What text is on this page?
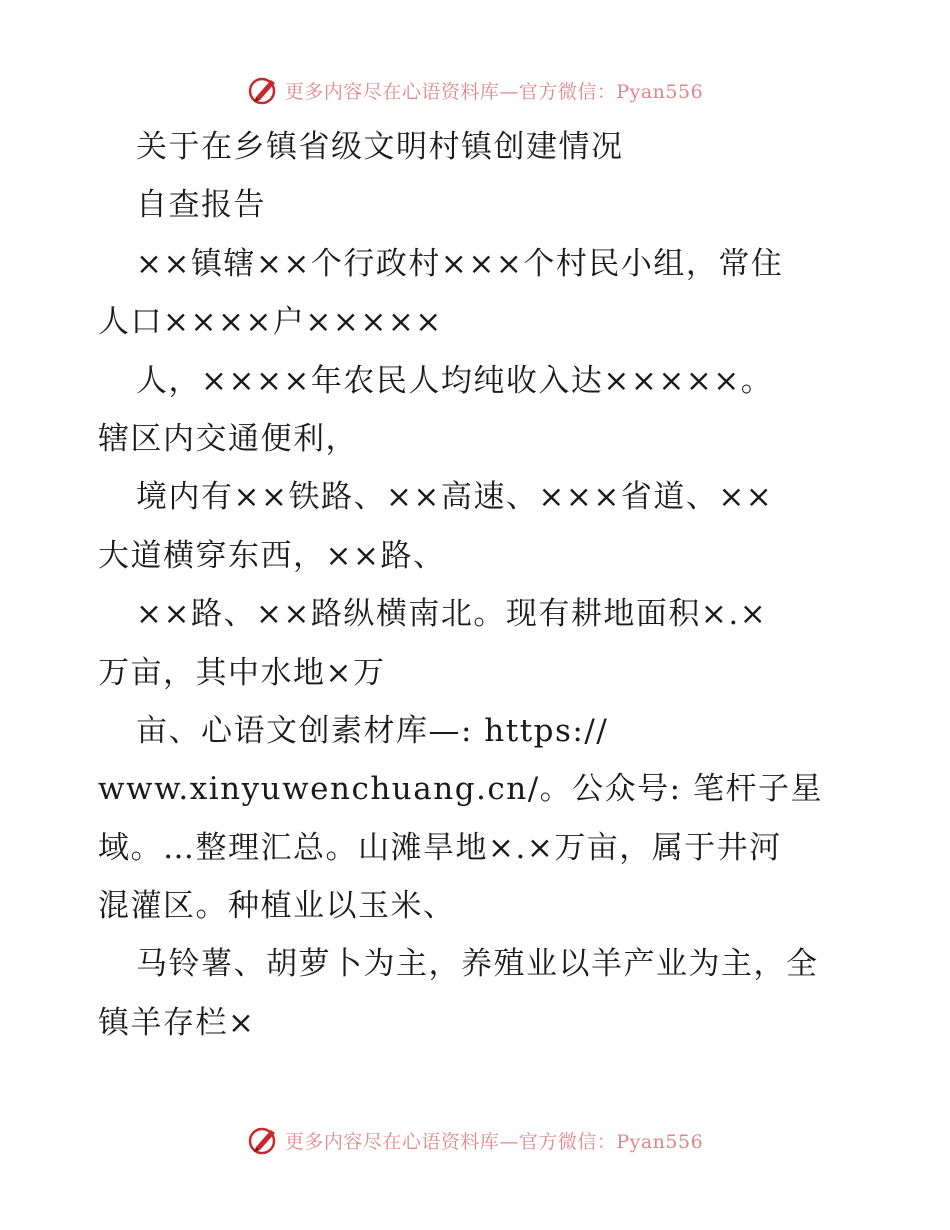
更多内容尽在心语资料库—官方微信：Pyan556
关于在乡镇省级文明村镇创建情况
自查报告
××镇辖××个行政村×××个村民小组，常住
人口××××户×××××
人，××××年农民人均纯收入达×××××。
辖区内交通便利，
境内有××铁路、××高速、×××省道、××
大道横穿东西，××路、
××路、××路纵横南北。现有耕地面积×.×
万亩，其中水地×万
亩、心语文创素材库—: https://
www.xinyuwenchuang.cn/。公众号: 笔杆子星
域。…整理汇总。山滩旱地×.×万亩，属于井河
混灌区。种植业以玉米、
马铃薯、胡萝卜为主，养殖业以羊产业为主，全
镇羊存栏×
更多内容尽在心语资料库—官方微信：Pyan556
